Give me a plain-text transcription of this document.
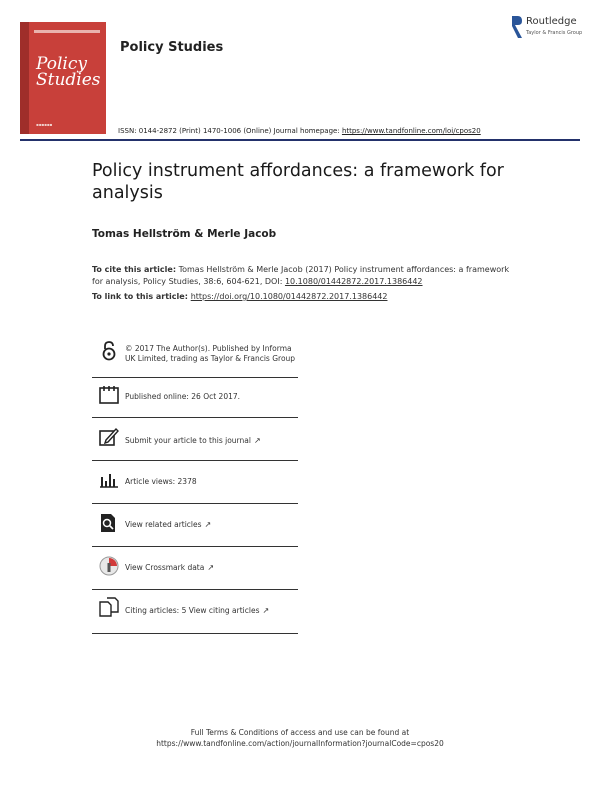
Policy
Studies
▪▪▪▪▪▪
Policy Studies
Routledge
Taylor & Francis Group
ISSN: 0144-2872 (Print) 1470-1006 (Online) Journal homepage: https://www.tandfonline.com/loi/cpos20
Policy instrument affordances: a framework for analysis
Tomas Hellström & Merle Jacob
To cite this article: Tomas Hellström & Merle Jacob (2017) Policy instrument affordances: a framework for analysis, Policy Studies, 38:6, 604-621, DOI: 10.1080/01442872.2017.1386442
To link to this article: https://doi.org/10.1080/01442872.2017.1386442
© 2017 The Author(s). Published by Informa UK Limited, trading as Taylor & Francis Group
Published online: 26 Oct 2017.
Submit your article to this journal ↗
Article views: 2378
View related articles ↗
View Crossmark data ↗
Citing articles: 5 View citing articles ↗
Full Terms & Conditions of access and use can be found at
https://www.tandfonline.com/action/journalInformation?journalCode=cpos20
